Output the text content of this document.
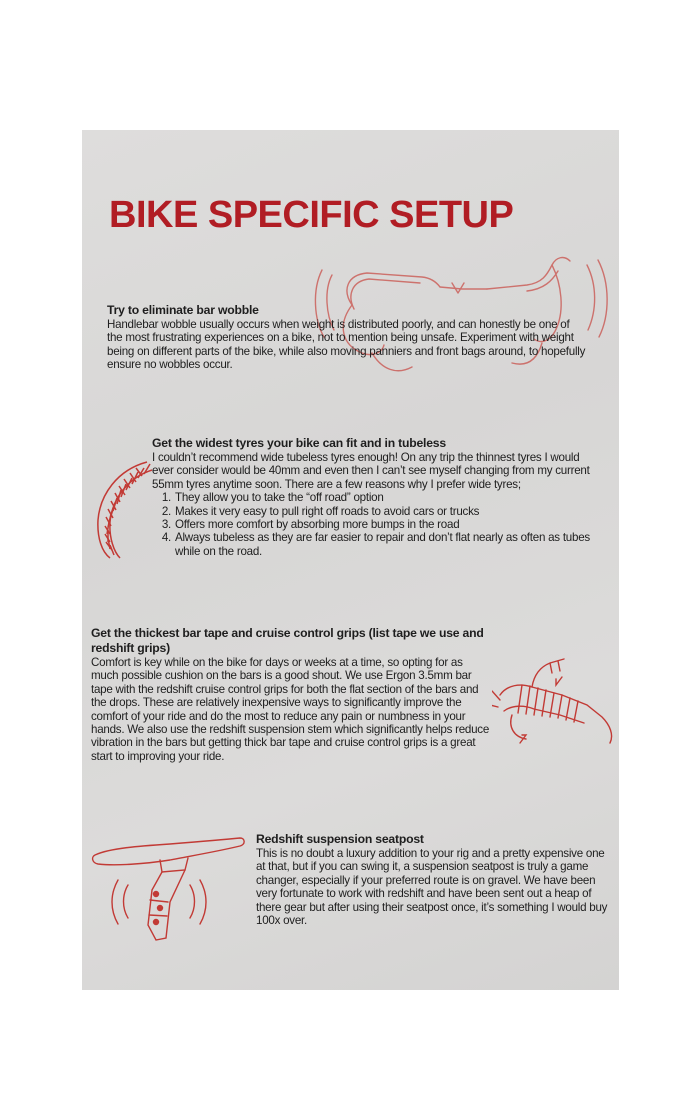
BIKE SPECIFIC SETUP
Try to eliminate bar wobble

Handlebar wobble usually occurs when weight is distributed poorly, and can honestly be one of the most frustrating experiences on a bike, not to mention being unsafe. Experiment with weight being on different parts of the bike, while also moving panniers and front bags around, to hopefully ensure no wobbles occur.

Get the widest tyres your bike can fit and in tubeless

I couldn’t recommend wide tubeless tyres enough! On any trip the thinnest tyres I would ever consider would be 40mm and even then I can’t see myself changing from my current 55mm tyres anytime soon. There are a few reasons why I prefer wide tyres;

1. They allow you to take the “off road” option
2. Makes it very easy to pull right off roads to avoid cars or trucks
3. Offers more comfort by absorbing more bumps in the road
4. Always tubeless as they are far easier to repair and don’t flat nearly as often as tubes while on the road.
Get the thickest bar tape and cruise control grips (list tape we use and redshift grips)

Comfort is key while on the bike for days or weeks at a time, so opting for as much possible cushion on the bars is a good shout. We use Ergon 3.5mm bar tape with the redshift cruise control grips for both the flat section of the bars and the drops. These are relatively inexpensive ways to significantly improve the comfort of your ride and do the most to reduce any pain or numbness in your hands. We also use the redshift suspension stem which significantly helps reduce vibration in the bars but getting thick bar tape and cruise control grips is a great start to improving your ride.

Redshift suspension seatpost

This is no doubt a luxury addition to your rig and a pretty expensive one at that, but if you can swing it, a suspension seatpost is truly a game changer, especially if your preferred route is on gravel. We have been very fortunate to work with redshift and have been sent out a heap of there gear but after using their seatpost once, it’s something I would buy 100x over.
